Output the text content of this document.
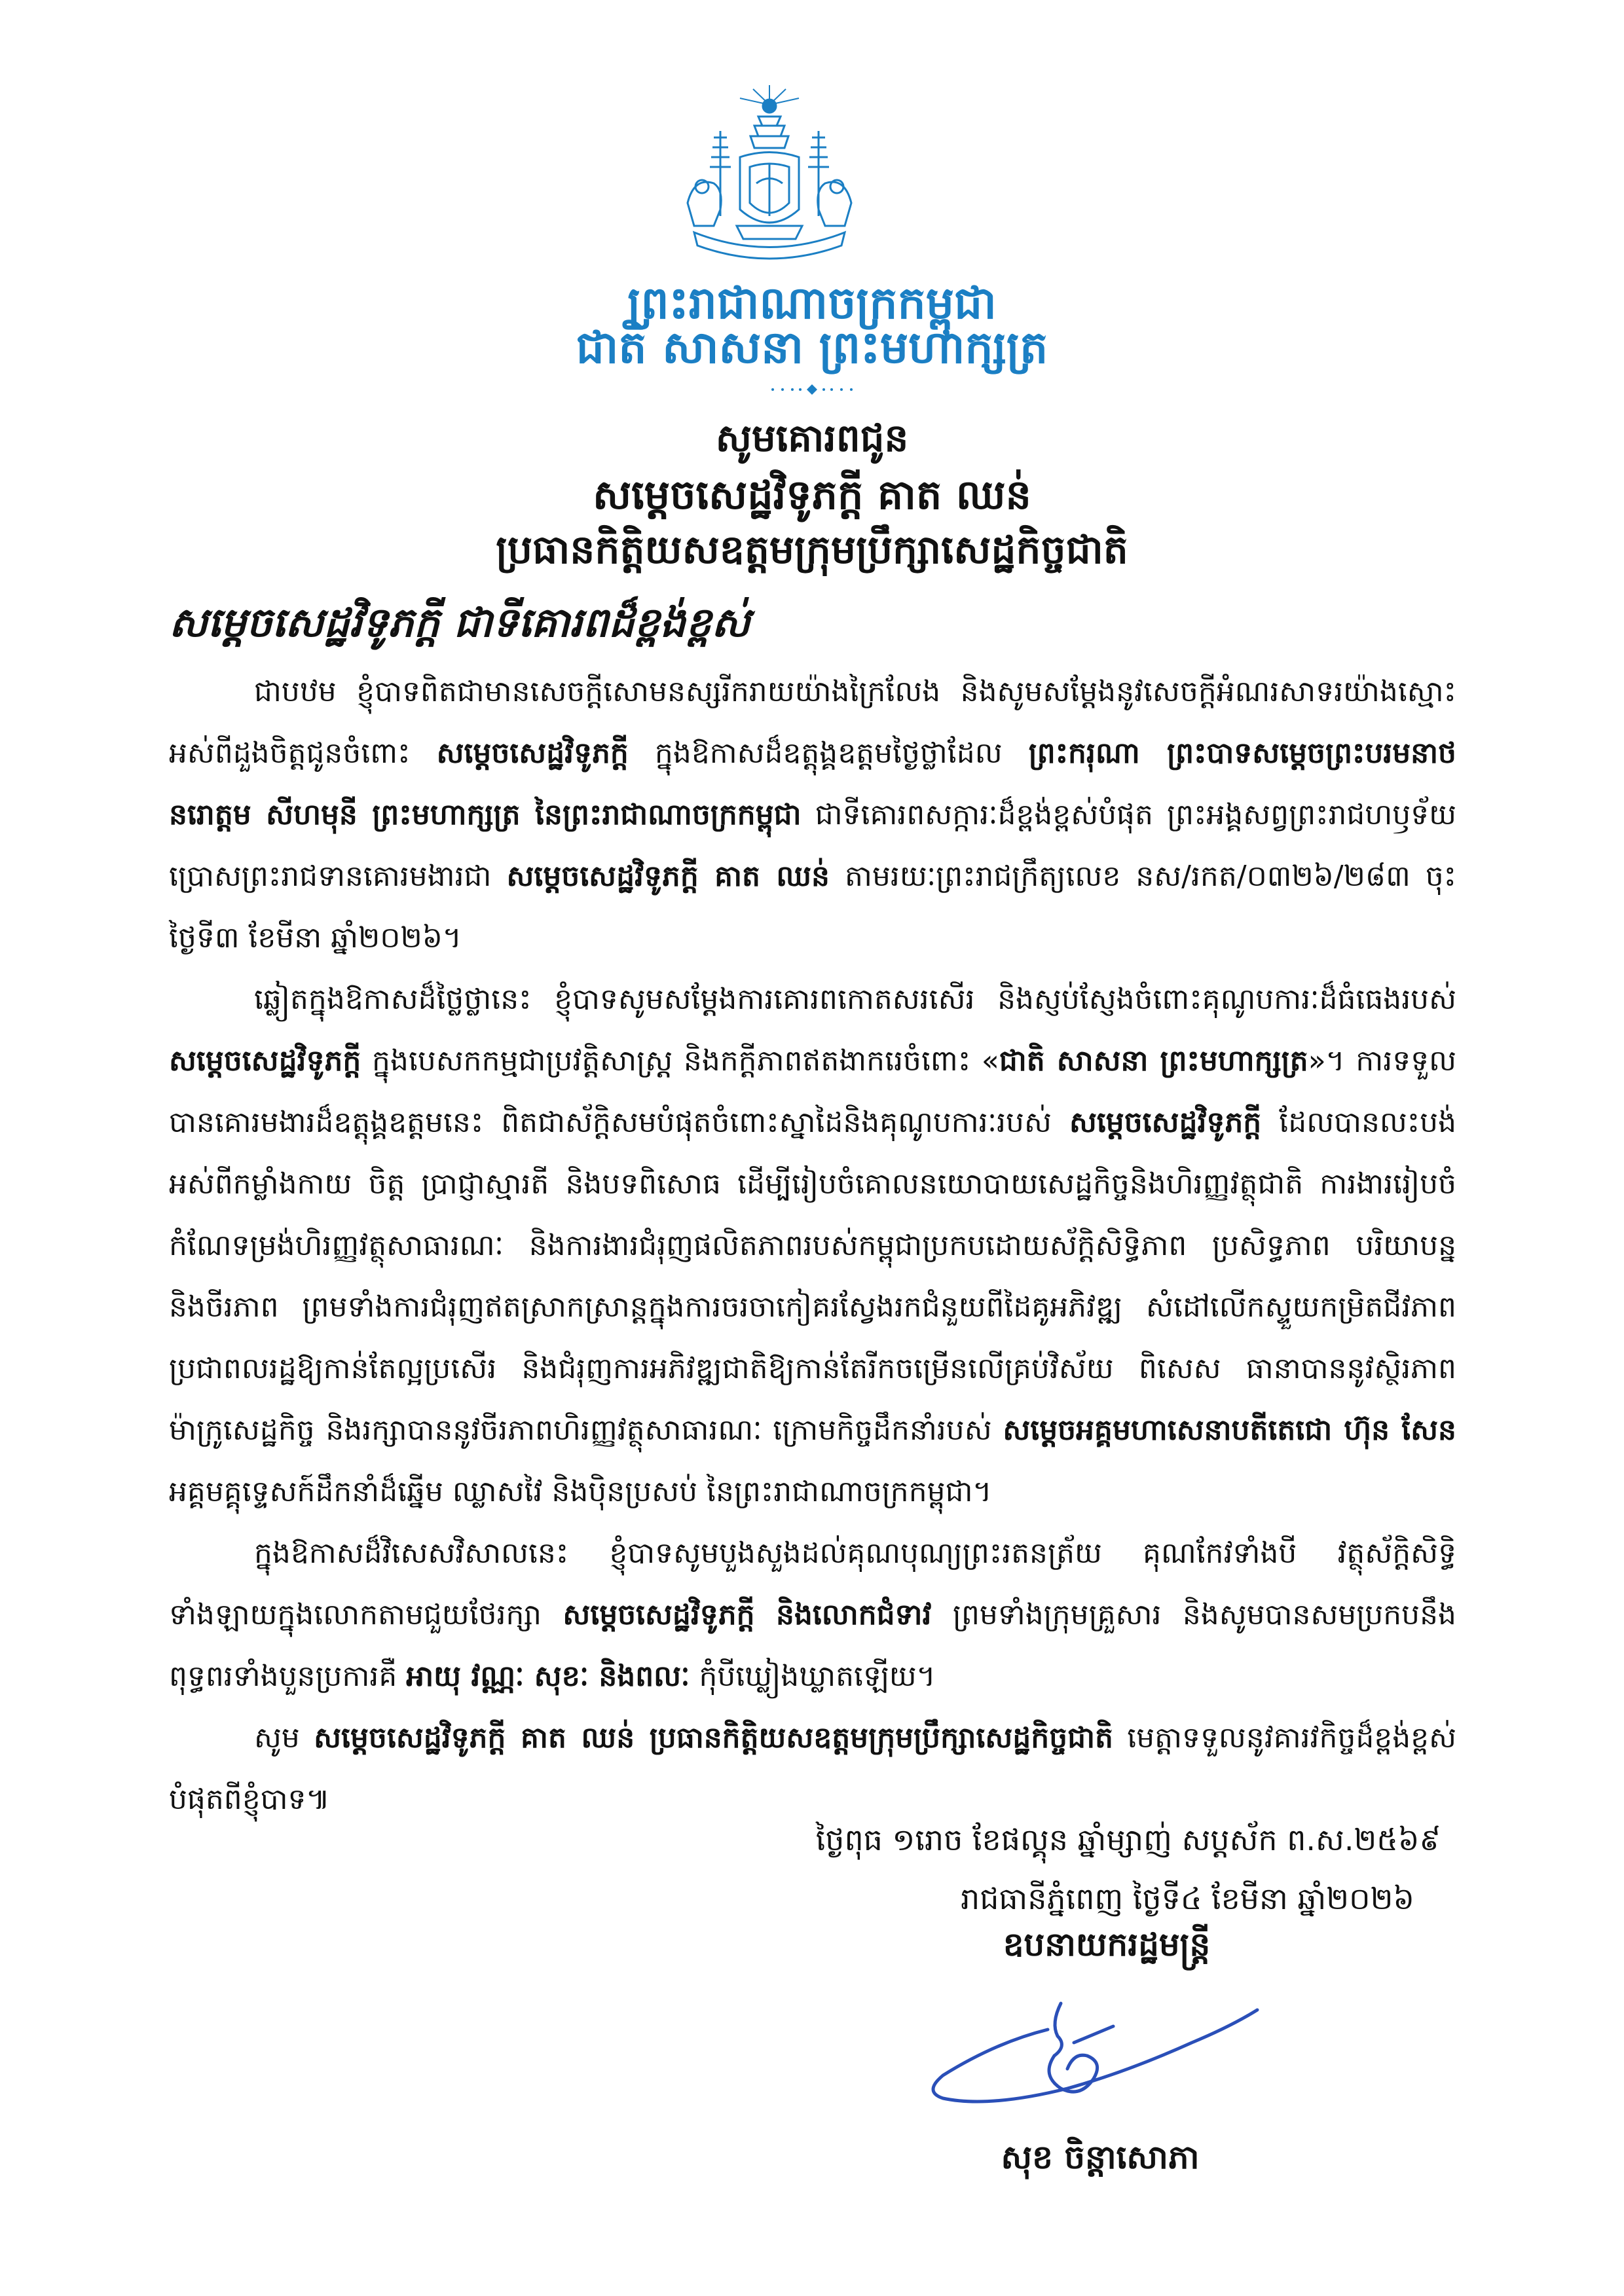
ព្រះរាជាណាចក្រកម្ពុជា
ជាតិ សាសនា ព្រះមហាក្សត្រ
សូមគោរពជូន
សម្តេចសេដ្ឋវិទូភក្តី គាត ឈន់
ប្រធានកិត្តិយសឧត្តមក្រុមប្រឹក្សាសេដ្ឋកិច្ចជាតិ
សម្តេចសេដ្ឋវិទូភក្តី ជាទីគោរពដ៏ខ្ពង់ខ្ពស់

ជាបឋម ខ្ញុំបាទពិតជាមានសេចក្តីសោមនស្សរីករាយយ៉ាងក្រៃលែង និងសូមសម្តែងនូវសេចក្តីអំណរសាទរយ៉ាងស្មោះអស់ពីដួងចិត្តជូនចំពោះ សម្តេចសេដ្ឋវិទូភក្តី ក្នុងឱកាសដ៏ឧត្តុង្គឧត្តមថ្ងៃថ្លាដែល ព្រះករុណា ព្រះបាទសម្តេចព្រះបរមនាថ នរោត្តម សីហមុនី ព្រះមហាក្សត្រ នៃព្រះរាជាណាចក្រកម្ពុជា ជាទីគោរពសក្ការៈដ៏ខ្ពង់ខ្ពស់បំផុត ព្រះអង្គសព្វព្រះរាជហឫទ័យ ប្រោសព្រះរាជទានគោរមងារជា សម្តេចសេដ្ឋវិទូភក្តី គាត ឈន់ តាមរយៈព្រះរាជក្រឹត្យលេខ នស/រកត/០៣២៦/២៨៣ ចុះថ្ងៃទី៣ ខែមីនា ឆ្នាំ២០២៦។

ឆ្លៀតក្នុងឱកាសដ៏ថ្លៃថ្លានេះ ខ្ញុំបាទសូមសម្តែងការគោរពកោតសរសើរ និងស្ញប់ស្ញែងចំពោះគុណូបការៈដ៏ធំធេងរបស់ សម្តេចសេដ្ឋវិទូភក្តី ក្នុងបេសកកម្មជាប្រវត្តិសាស្ត្រ និងកក្តីភាពឥតងាករេចំពោះ «ជាតិ សាសនា ព្រះមហាក្សត្រ»។ ការទទួលបានគោរមងារដ៏ឧត្តុង្គឧត្តមនេះ ពិតជាស័ក្តិសមបំផុតចំពោះស្នាដៃនិងគុណូបការៈរបស់ សម្តេចសេដ្ឋវិទូភក្តី ដែលបានលះបង់អស់ពីកម្លាំងកាយ ចិត្ត ប្រាជ្ញាស្មារតី និងបទពិសោធ ដើម្បីរៀបចំគោលនយោបាយសេដ្ឋកិច្ចនិងហិរញ្ញវត្ថុជាតិ ការងាររៀបចំកំណែទម្រង់ហិរញ្ញវត្ថុសាធារណៈ និងការងារជំរុញផលិតភាពរបស់កម្ពុជាប្រកបដោយស័ក្តិសិទ្ធិភាព ប្រសិទ្ធភាព បរិយាបន្ន និងចីរភាព ព្រមទាំងការជំរុញឥតស្រាកស្រាន្តក្នុងការចរចាកៀគរស្វែងរកជំនួយពីដៃគូអភិវឌ្ឍ សំដៅលើកស្ទួយកម្រិតជីវភាពប្រជាពលរដ្ឋឱ្យកាន់តែល្អប្រសើរ និងជំរុញការអភិវឌ្ឍជាតិឱ្យកាន់តែរីកចម្រើនលើគ្រប់វិស័យ ពិសេស ធានាបាននូវស្ថិរភាពម៉ាក្រូសេដ្ឋកិច្ច និងរក្សាបាននូវចីរភាពហិរញ្ញវត្ថុសាធារណៈ ក្រោមកិច្ចដឹកនាំរបស់ សម្តេចអគ្គមហាសេនាបតីតេជោ ហ៊ុន សែន អគ្គមគ្គុទ្ទេសក៍ដឹកនាំដ៏ឆ្នើម ឈ្លាសវៃ និងប៉ិនប្រសប់ នៃព្រះរាជាណាចក្រកម្ពុជា។

ក្នុងឱកាសដ៏វិសេសវិសាលនេះ ខ្ញុំបាទសូមបួងសួងដល់គុណបុណ្យព្រះរតនត្រ័យ គុណកែវទាំងបី វត្ថុស័ក្តិសិទ្ធិទាំងឡាយក្នុងលោកតាមជួយថែរក្សា សម្តេចសេដ្ឋវិទូភក្តី និងលោកជំទាវ ព្រមទាំងក្រុមគ្រួសារ និងសូមបានសមប្រកបនឹងពុទ្ធពរទាំងបួនប្រការគឺ អាយុ វណ្ណៈ សុខៈ និងពលៈ កុំបីឃ្លៀងឃ្លាតឡើយ។

សូម សម្តេចសេដ្ឋវិទូភក្តី គាត ឈន់ ប្រធានកិត្តិយសឧត្តមក្រុមប្រឹក្សាសេដ្ឋកិច្ចជាតិ មេត្តាទទួលនូវគារវកិច្ចដ៏ខ្ពង់ខ្ពស់បំផុតពីខ្ញុំបាទ៕

ថ្ងៃពុធ ១រោច ខែផល្គុន ឆ្នាំម្សាញ់ សប្តស័ក ព.ស.២៥៦៩
រាជធានីភ្នំពេញ ថ្ងៃទី៤ ខែមីនា ឆ្នាំ២០២៦
ឧបនាយករដ្ឋមន្ត្រី
សុខ ចិន្តាសោភា
